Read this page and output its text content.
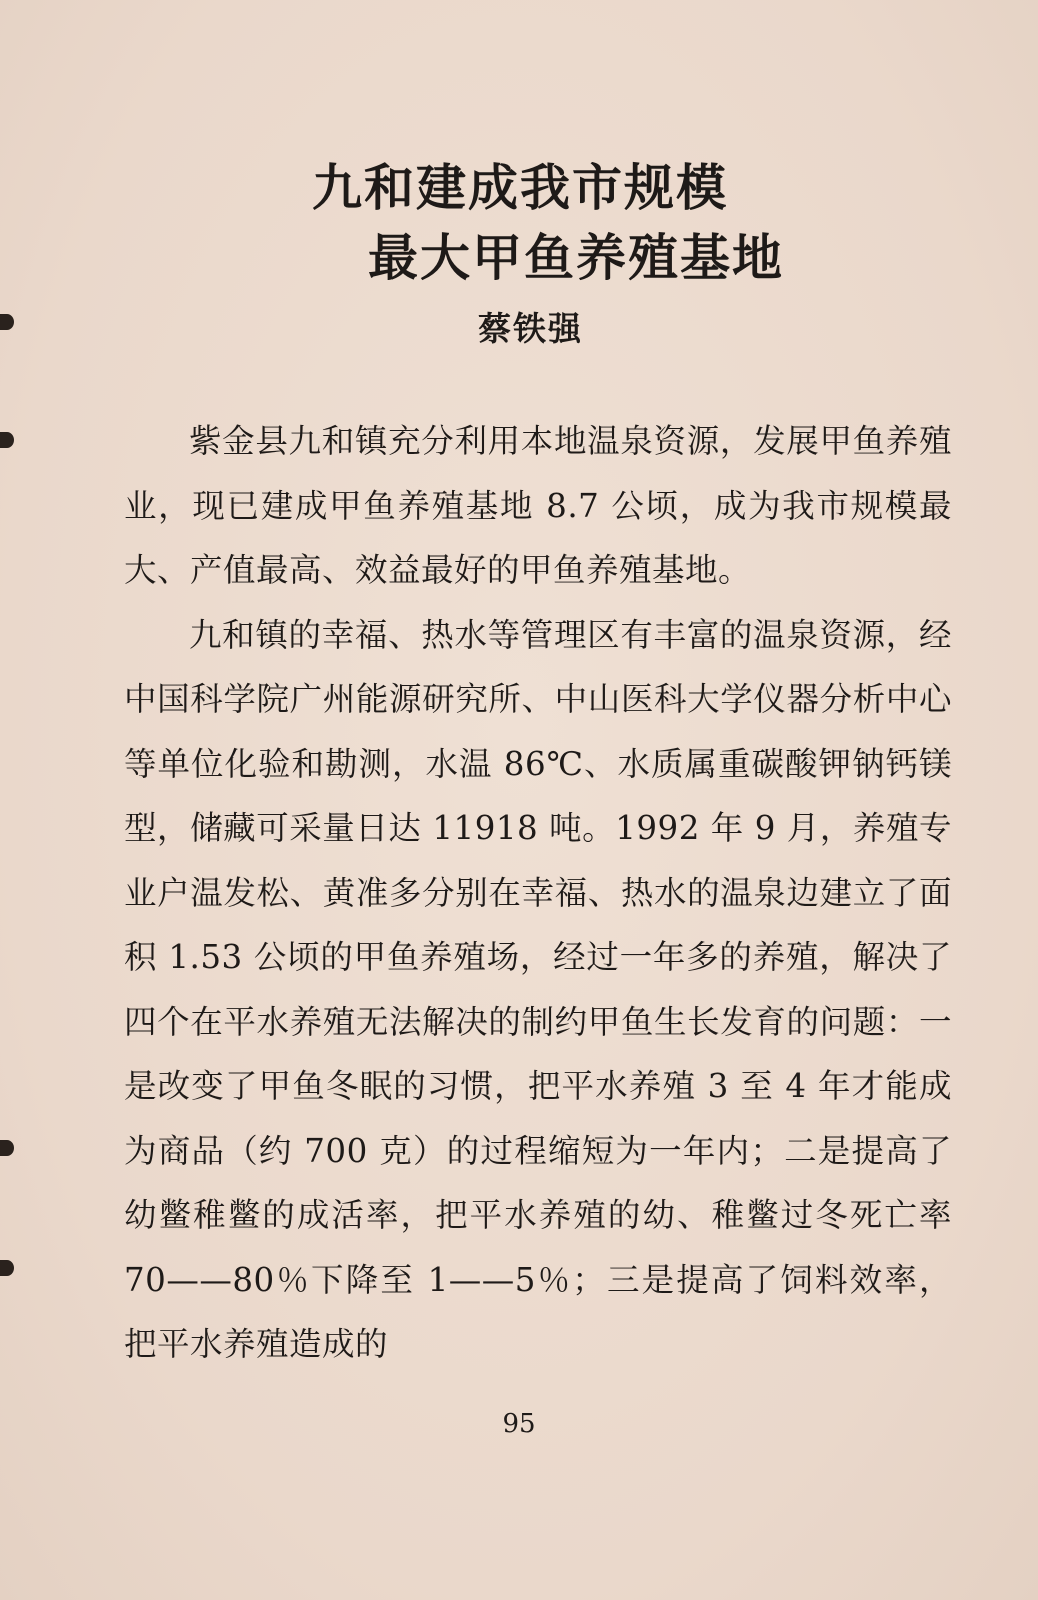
九和建成我市规模
最大甲鱼养殖基地
蔡铁强

紫金县九和镇充分利用本地温泉资源，发展甲鱼养殖业，现已建成甲鱼养殖基地 8.7 公顷，成为我市规模最大、产值最高、效益最好的甲鱼养殖基地。

九和镇的幸福、热水等管理区有丰富的温泉资源，经中国科学院广州能源研究所、中山医科大学仪器分析中心等单位化验和勘测，水温 86℃、水质属重碳酸钾钠钙镁型，储藏可采量日达 11918 吨。1992 年 9 月，养殖专业户温发松、黄准多分别在幸福、热水的温泉边建立了面积 1.53 公顷的甲鱼养殖场，经过一年多的养殖，解决了四个在平水养殖无法解决的制约甲鱼生长发育的问题：一是改变了甲鱼冬眠的习惯，把平水养殖 3 至 4 年才能成为商品（约 700 克）的过程缩短为一年内；二是提高了幼鳖稚鳖的成活率，把平水养殖的幼、稚鳖过冬死亡率 70——80％下降至 1——5％；三是提高了饲料效率，把平水养殖造成的

95
